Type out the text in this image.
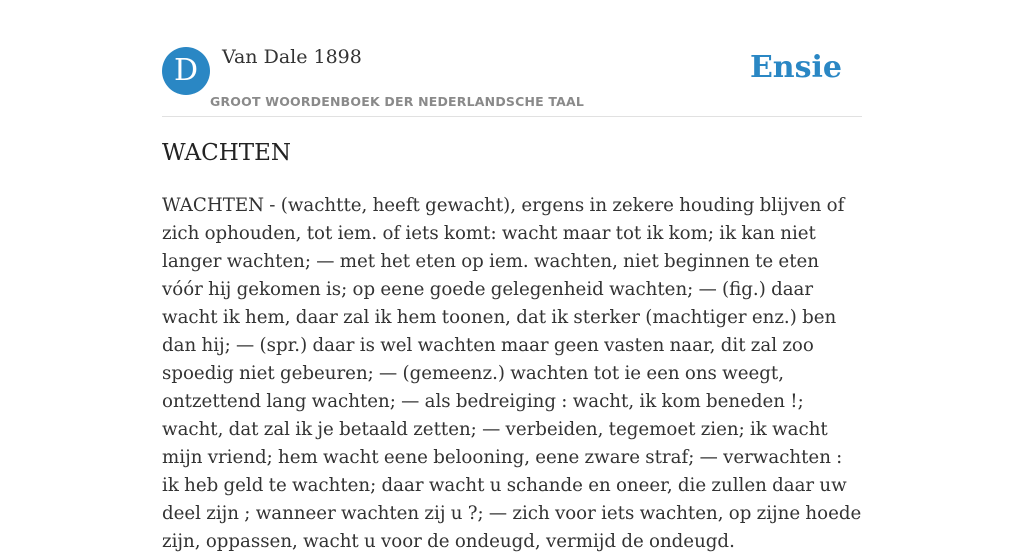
D	Van Dale 1898
GROOT WOORDENBOEK DER NEDERLANDSCHE TAAL
Ensie
WACHTEN

WACHTEN - (wachtte, heeft gewacht), ergens in zekere houding blijven of zich ophouden, tot iem. of iets komt: wacht maar tot ik kom; ik kan niet langer wachten; — met het eten op iem. wachten, niet beginnen te eten vóór hij gekomen is; op eene goede gelegenheid wachten; — (fig.) daar wacht ik hem, daar zal ik hem toonen, dat ik sterker (machtiger enz.) ben dan hij; — (spr.) daar is wel wachten maar geen vasten naar, dit zal zoo spoedig niet gebeuren; — (gemeenz.) wachten tot ie een ons weegt, ontzettend lang wachten; — als bedreiging : wacht, ik kom beneden !; wacht, dat zal ik je betaald zetten; — verbeiden, tegemoet zien; ik wacht mijn vriend; hem wacht eene belooning, eene zware straf; — verwachten : ik heb geld te wachten; daar wacht u schande en oneer, die zullen daar uw deel zijn ; wanneer wachten zij u ?; — zich voor iets wachten, op zijne hoede zijn, oppassen, wacht u voor de ondeugd, vermijd de ondeugd.
